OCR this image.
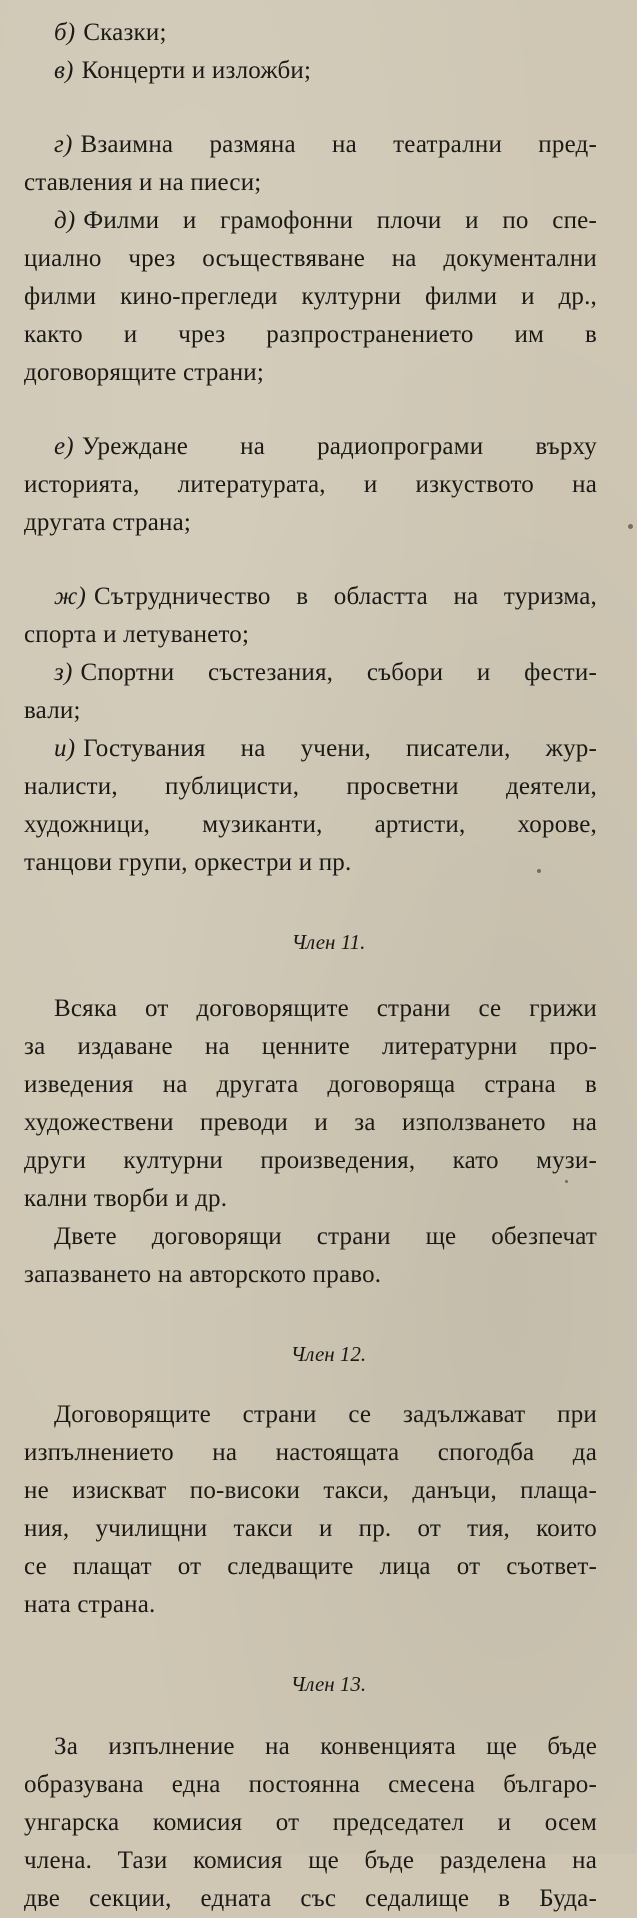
б) Сказки;
в) Концерти и изложби;
г) Взаимна размяна на театрални пред-
ставления и на пиеси;
д) Филми и грамофонни плочи и по спе-
циално чрез осъществяване на документални
филми кино-прегледи културни филми и др.,
както и чрез разпространението им в
договорящите страни;
е) Уреждане на радиопрограми върху
историята, литературата, и изкуството на
другата страна;
ж) Сътрудничество в областта на туризма,
спорта и летуването;
з) Спортни състезания, събори и фести-
вали;
и) Гостувания на учени, писатели, жур-
налисти, публицисти, просветни деятели,
художници, музиканти, артисти, хорове,
танцови групи, оркестри и пр.
Член 11.
Всяка от договорящите страни се грижи
за издаване на ценните литературни про-
изведения на другата договоряща страна в
художествени преводи и за използването на
други културни произведения, като музи-
кални творби и др.
Двете договорящи страни ще обезпечат
запазването на авторското право.
Член 12.
Договорящите страни се задължават при
изпълнението на настоящата спогодба да
не изискват по-високи такси, данъци, плаща-
ния, училищни такси и пр. от тия, които
се плащат от следващите лица от съответ-
ната страна.
Член 13.
За изпълнение на конвенцията ще бъде
образувана една постоянна смесена българо-
унгарска комисия от председател и осем
члена. Тази комисия ще бъде разделена на
две секции, едната със седалище в Буда-
